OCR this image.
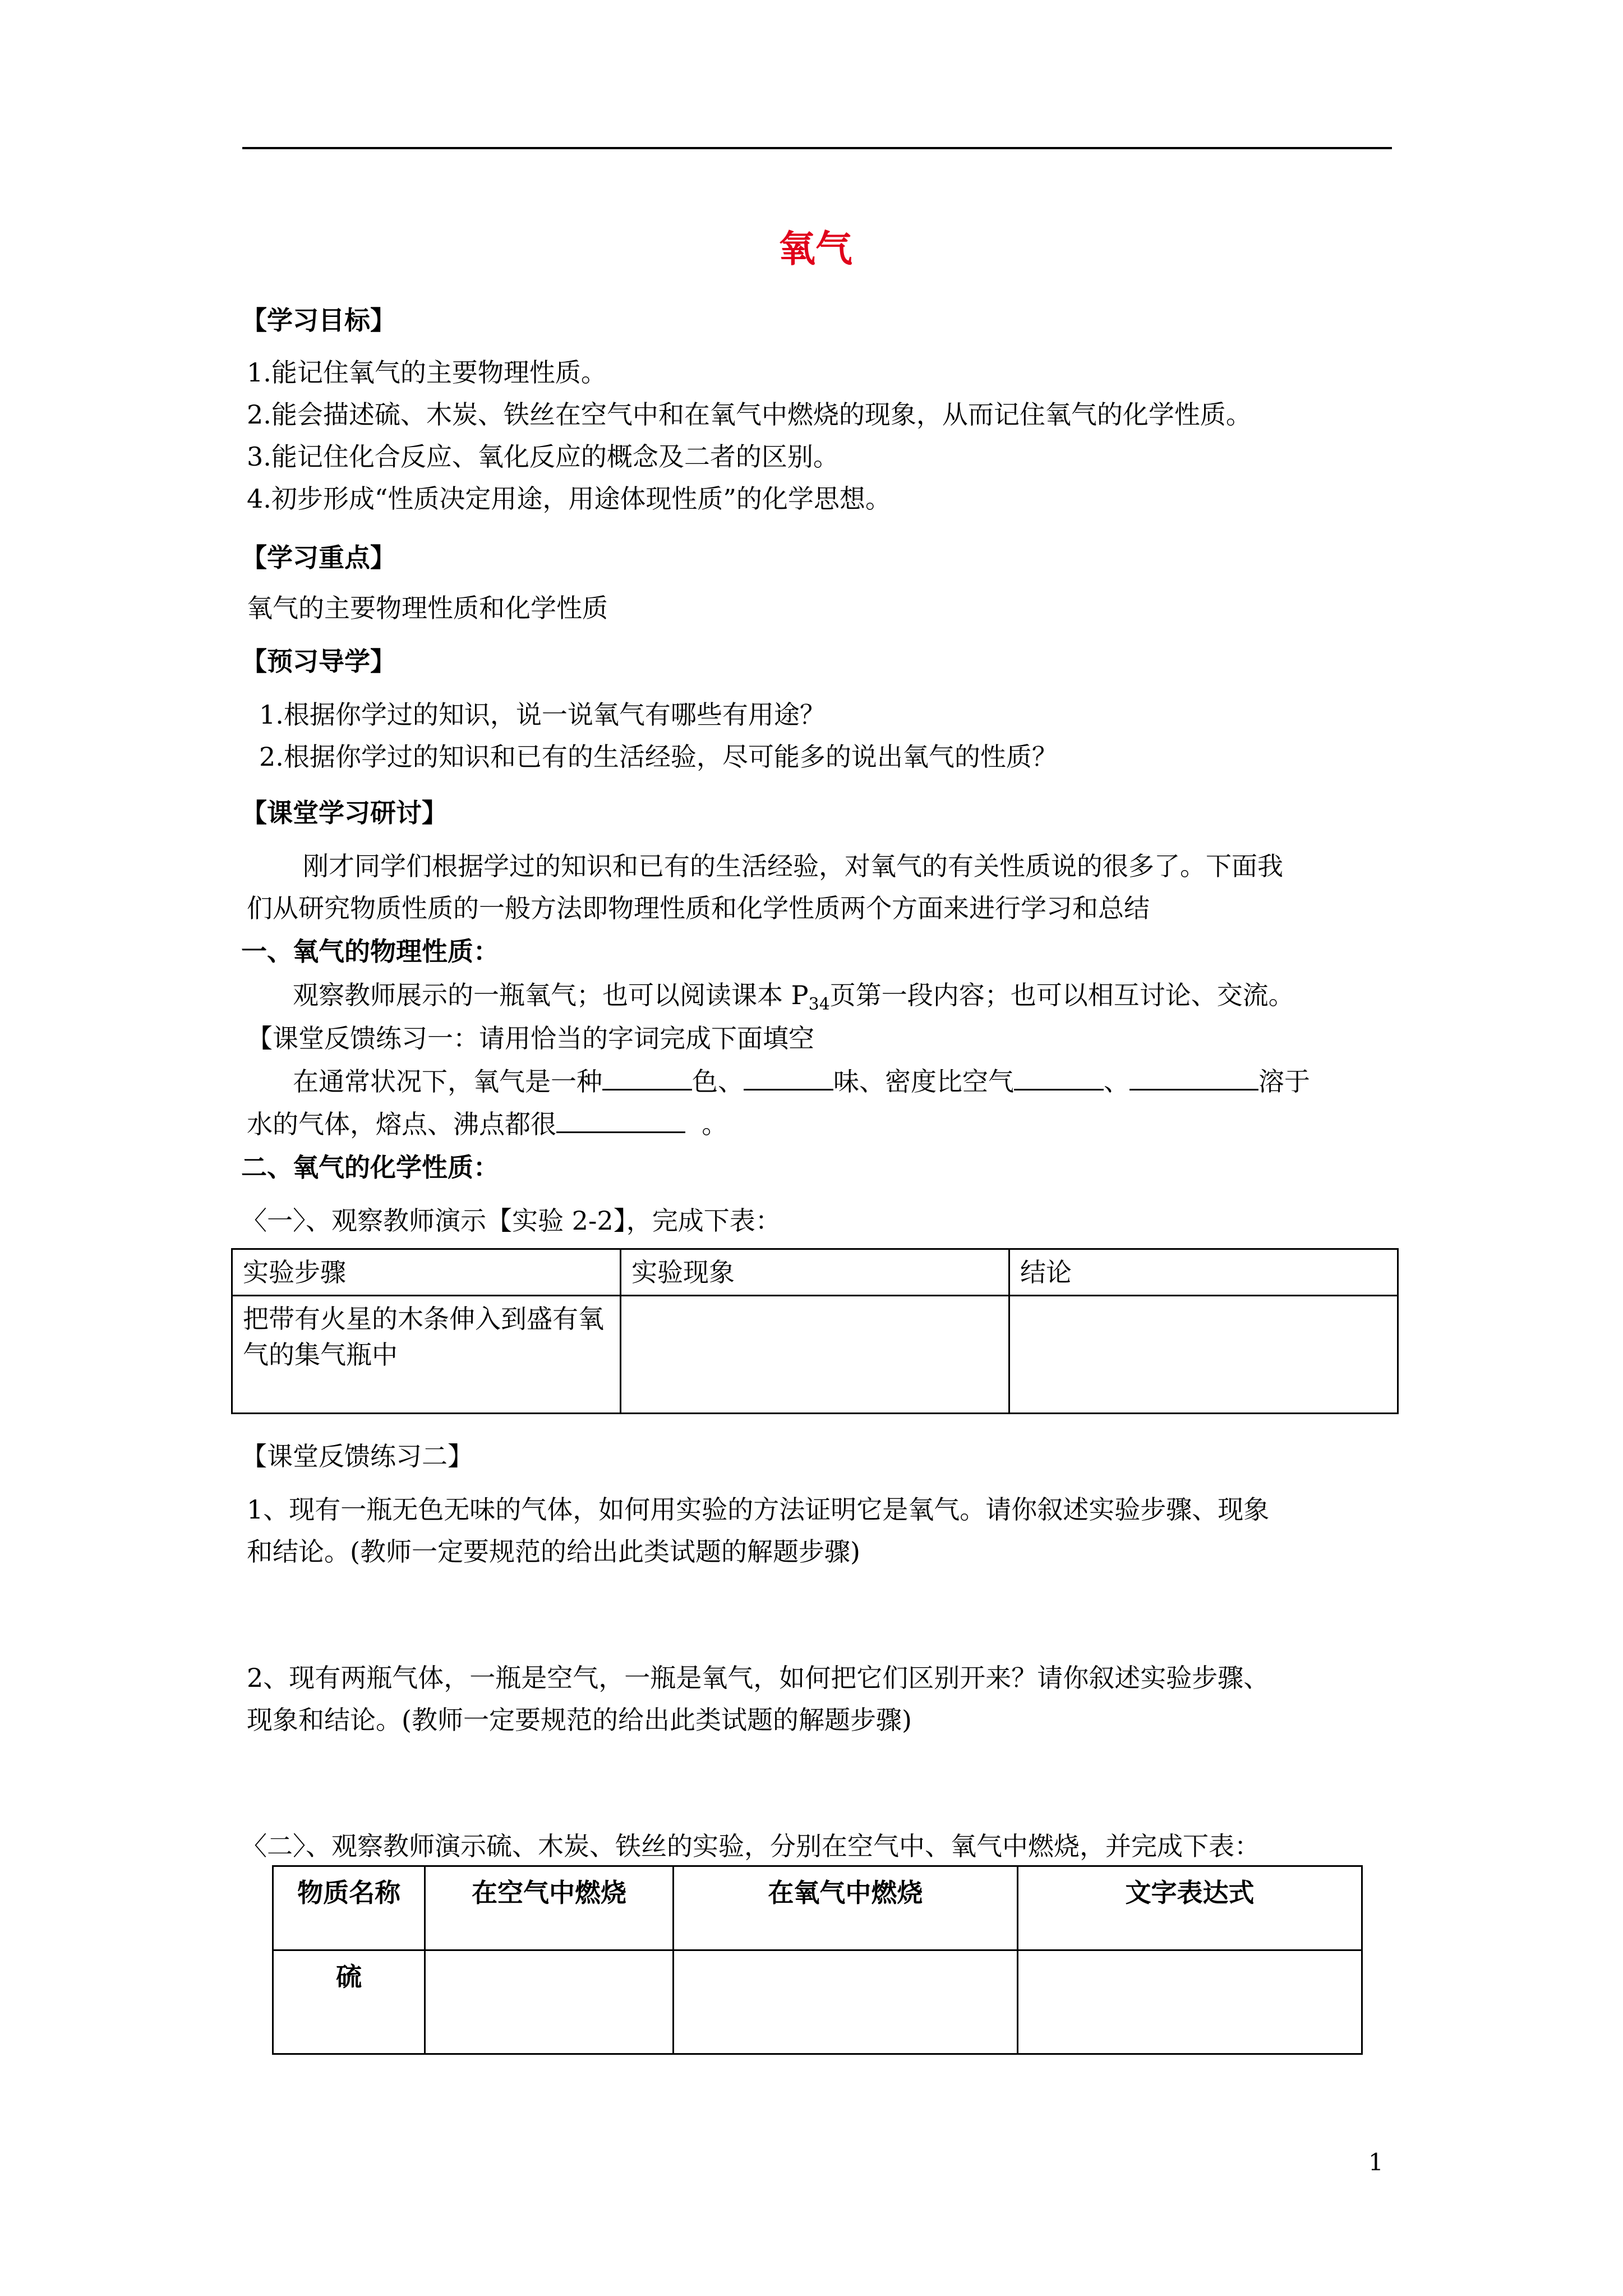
氧气
【学习目标】
1.能记住氧气的主要物理性质。
2.能会描述硫、木炭、铁丝在空气中和在氧气中燃烧的现象，从而记住氧气的化学性质。
3.能记住化合反应、氧化反应的概念及二者的区别。
4.初步形成“性质决定用途，用途体现性质”的化学思想。
【学习重点】
氧气的主要物理性质和化学性质
【预习导学】
1.根据你学过的知识，说一说氧气有哪些有用途？
2.根据你学过的知识和已有的生活经验，尽可能多的说出氧气的性质？
【课堂学习研讨】
刚才同学们根据学过的知识和已有的生活经验，对氧气的有关性质说的很多了。下面我
们从研究物质性质的一般方法即物理性质和化学性质两个方面来进行学习和总结
一、氧气的物理性质：
观察教师展示的一瓶氧气；也可以阅读课本 $P_{34}$页第一段内容；也可以相互讨论、交流。
【课堂反馈练习一：请用恰当的字词完成下面填空
在通常状况下，氧气是一种	色、	味、密度比空气	、	溶于
水的气体，熔点、沸点都很	。
二、氧气的化学性质：
〈一〉、观察教师演示【实验 2-2】，完成下表：
实验步骤	实验现象	结论
把带有火星的木条伸入到盛有氧气的集气瓶中		
【课堂反馈练习二】
1、现有一瓶无色无味的气体，如何用实验的方法证明它是氧气。请你叙述实验步骤、现象
和结论。(教师一定要规范的给出此类试题的解题步骤)
2、现有两瓶气体，一瓶是空气，一瓶是氧气，如何把它们区别开来？请你叙述实验步骤、
现象和结论。(教师一定要规范的给出此类试题的解题步骤)
〈二〉、观察教师演示硫、木炭、铁丝的实验，分别在空气中、氧气中燃烧，并完成下表：
物质名称	在空气中燃烧	在氧气中燃烧	文字表达式
硫			
1
